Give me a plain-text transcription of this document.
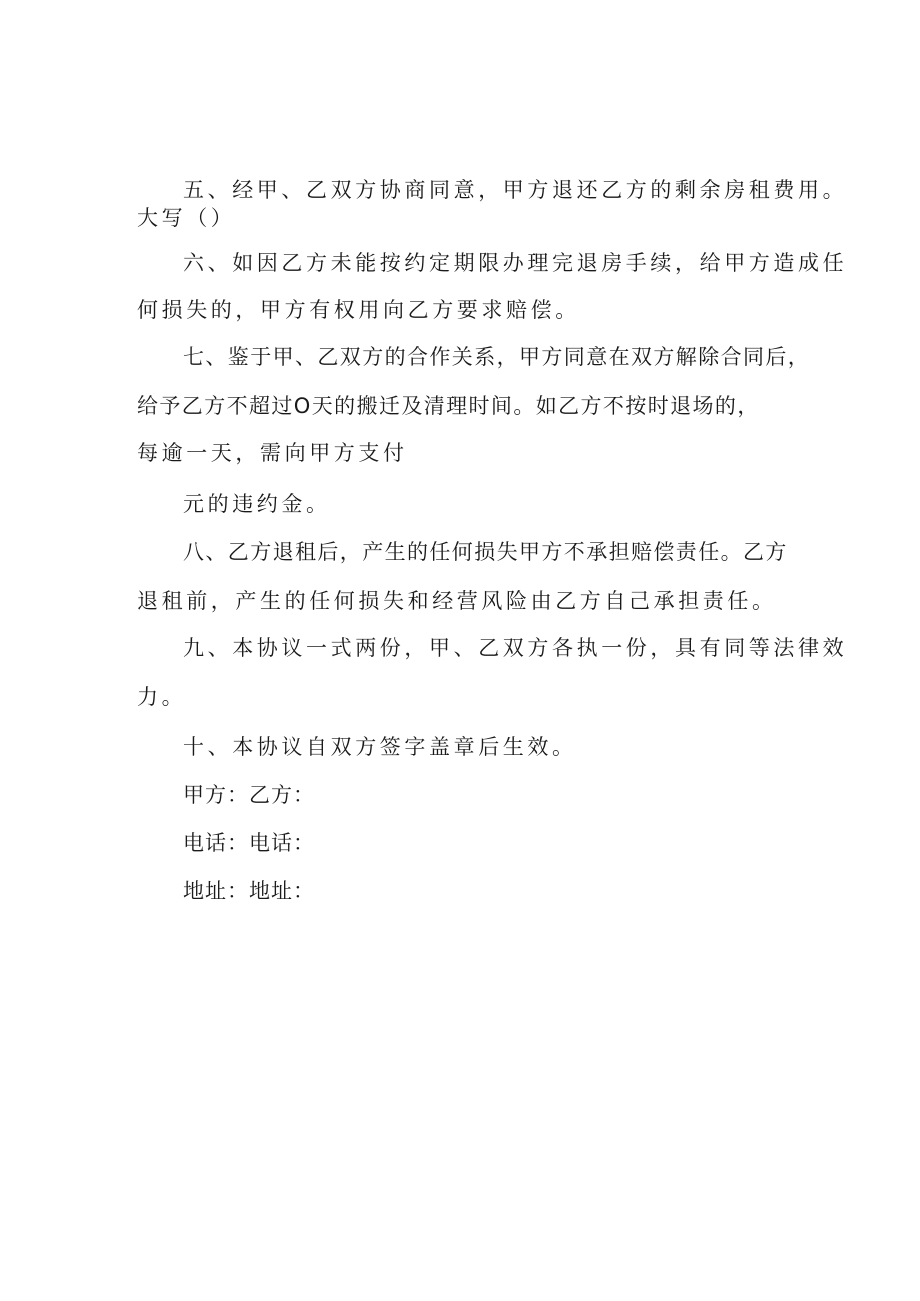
五、经甲、乙双方协商同意，甲方退还乙方的剩余房租费用。
大写（）
六、如因乙方未能按约定期限办理完退房手续，给甲方造成任
何损失的，甲方有权用向乙方要求赔偿。
七、鉴于甲、乙双方的合作关系，甲方同意在双方解除合同后，
给予乙方不超过O天的搬迁及清理时间。如乙方不按时退场的，
每逾一天，需向甲方支付
元的违约金。
八、乙方退租后，产生的任何损失甲方不承担赔偿责任。乙方
退租前，产生的任何损失和经营风险由乙方自己承担责任。
九、本协议一式两份，甲、乙双方各执一份，具有同等法律效
力。
十、本协议自双方签字盖章后生效。
甲方：乙方：
电话：电话：
地址：地址：
